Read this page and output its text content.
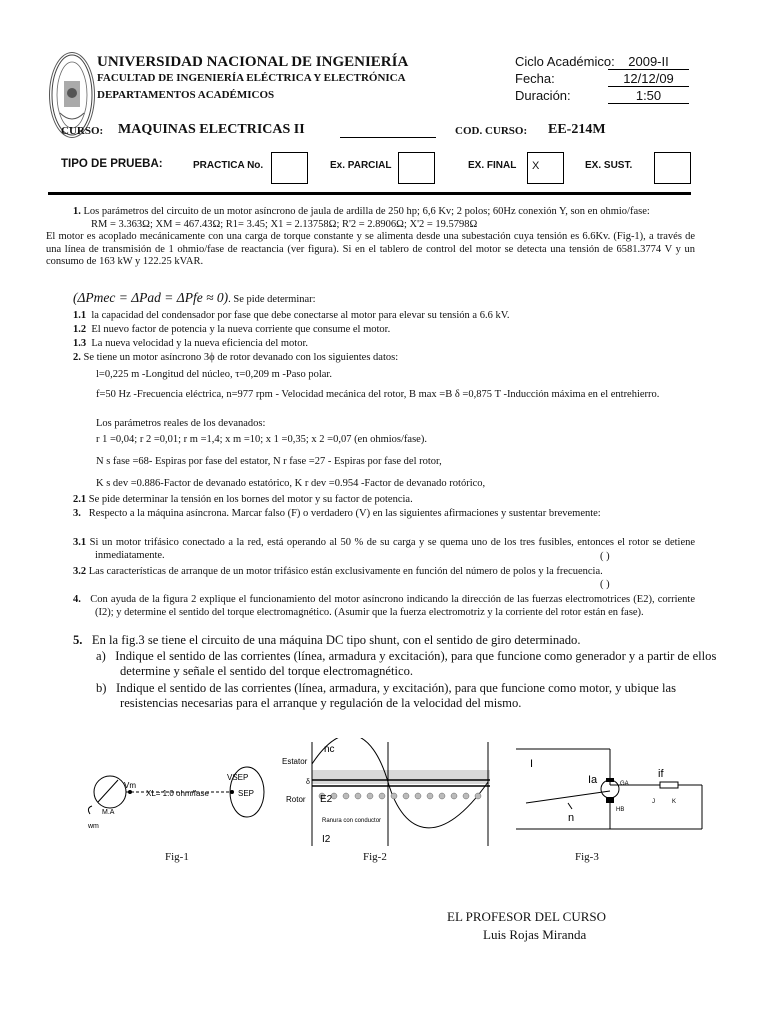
UNIVERSIDAD NACIONAL DE INGENIERÍA
FACULTAD DE INGENIERÍA ELÉCTRICA Y ELECTRÓNICA
DEPARTAMENTOS ACADÉMICOS
Ciclo Académico:	2009-II
Fecha:	12/12/09
Duración:	1:50
CURSO: MAQUINAS ELECTRICAS II	COD. CURSO: EE-214M
TIPO DE PRUEBA:	PRACTICA No.	Ex. PARCIAL	EX. FINAL X	EX. SUST.
1. Los parámetros del circuito de un motor asíncrono de jaula de ardilla de 250 hp; 6,6 Kv; 2 polos; 60Hz conexión Y, son en ohmio/fase:
RM = 3.363Ω; XM = 467.43Ω; R1= 3.45; X1 = 2.13758Ω; R'2 = 2.8906Ω; X'2 = 19.5798Ω
El motor es acoplado mecánicamente con una carga de torque constante y se alimenta desde una subestación cuya tensión es 6.6Kv. (Fig-1), a través de una línea de transmisión de 1 ohmio/fase de reactancia (ver figura). Si en el tablero de control del motor se detecta una tensión de 6581.3774 V y un consumo de 163 kW y 122.25 kVAR.
(ΔPmec = ΔPad = ΔPfe ≈ 0). Se pide determinar:
1.1 la capacidad del condensador por fase que debe conectarse al motor para elevar su tensión a 6.6 kV.
1.2 El nuevo factor de potencia y la nueva corriente que consume el motor.
1.3 La nueva velocidad y la nueva eficiencia del motor.
2. Se tiene un motor asíncrono 3ϕ de rotor devanado con los siguientes datos:
l=0,225 m -Longitud del núcleo, τ=0,209 m -Paso polar.
f=50 Hz -Frecuencia eléctrica, n=977 rpm - Velocidad mecánica del rotor, B max =B δ =0,875 T -Inducción máxima en el entrehierro.
Los parámetros reales de los devanados:
r 1 =0,04; r 2 =0,01; r m =1,4; x m =10; x 1 =0,35; x 2 =0,07 (en ohmios/fase).
N s fase =68- Espiras por fase del estator, N r fase =27 - Espiras por fase del rotor,
K s dev =0.886-Factor de devanado estatórico, K r dev =0.954 -Factor de devanado rotórico,
2.1 Se pide determinar la tensión en los bornes del motor y su factor de potencia.
3. Respecto a la máquina asíncrona. Marcar falso (F) o verdadero (V) en las siguientes afirmaciones y sustentar brevemente:
3.1 Si un motor trifásico conectado a la red, está operando al 50 % de su carga y se quema uno de los tres fusibles, entonces el rotor se detiene inmediatamente.	( )
3.2 Las características de arranque de un motor trifásico están exclusivamente en función del número de polos y la frecuencia.
( )
4. Con ayuda de la figura 2 explique el funcionamiento del motor asíncrono indicando la dirección de las fuerzas electromotrices (E2), corriente (I2); y determine el sentido del torque electromagnético. (Asumir que la fuerza electromotriz y la corriente del rotor están en fase).
5. En la fig.3 se tiene el circuito de una máquina DC tipo shunt, con el sentido de giro determinado.
a) Indique el sentido de las corrientes (línea, armadura y excitación), para que funcione como generador y a partir de ellos determine y señale el sentido del torque electromagnético.
b) Indique el sentido de las corrientes (línea, armadura, y excitación), para que funcione como motor, y ubique las resistencias necesarias para el arranque y regulación de la velocidad del mismo.
Vm
XL= 1.0 ohm/fase
VSEP
SEP
M.A
wm
nc
Estator
Rotor
δ
E2
Ranura con conductor
I2
I
Ia	if
n
GA
HB
J	K
Fig-1	Fig-2	Fig-3
EL PROFESOR DEL CURSO
Luis Rojas Miranda
